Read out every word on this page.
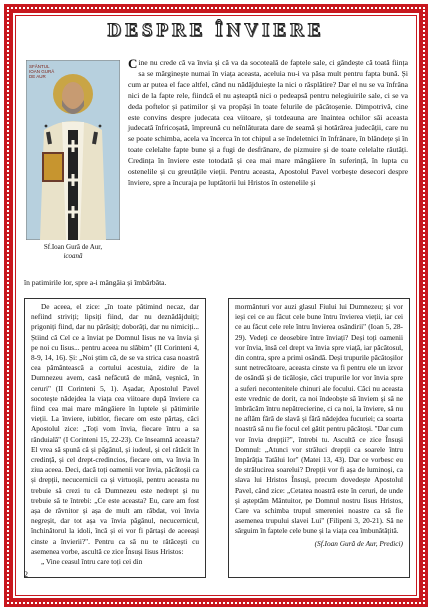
DESPRE ÎNVIERE
SFÂNTUL IOAN GURĂ DE AUR
Sf.Ioan Gură de Aur,
icoană
Cine nu crede că va învia și că va da socoteală de faptele sale, ci gândește că toată ființa sa se mărginește numai în viața aceasta, aceluia nu-i va păsa mult pentru fapta bună. Și cum ar putea el face altfel, când nu nădăjduiește la nici o răsplătire? Dar el nu se va înfrâna nici de la fapte rele, fiindcă el nu așteaptă nici o pedeapsă pentru nelegiuirile sale, ci se va deda poftelor și patimilor și va propăși în toate felurile de păcătoșenie. Dimpotrivă, cine este convins despre judecata cea viitoare, și totdeauna are înaintea ochilor săi aceasta judecată înfricoșată, împreună cu neînlăturata dare de seamă și hotărârea judecății, care nu se poate schimba, acela va încerca în tot chipul a se îndeletnici în înfrânare, în blândețe și în toate celelalte fapte bune și a fugi de desfrânare, de pizmuire și de toate celelalte răutăți. Credința în înviere este totodată și cea mai mare mângâiere în suferință, în lupta cu ostenelile și cu greutățile vieții. Pentru aceasta, Apostolul Pavel vorbește desecori despre înviere, spre a încuraja pe luptătorii lui Hristos în ostenelile și
în patimirile lor, spre a-i mângâia și îmbărbăta.

De aceea, el zice: „în toate pătimind necaz, dar nefiind striviți; lipsiți fiind, dar nu deznădăjduiți; prigoniți fiind, dar nu părăsiți; doborâți, dar nu nimiciți... Știind că Cel ce a înviat pe Domnul Iisus ne va învia și pe noi cu Iisus... pentru aceea nu slăbim" (II Corinteni 4, 8-9, 14, 16). Și: „Noi știm că, de se va strica casa noastră cea pământească a cortului acestuia, zidire de la Dumnezeu avem, casă nefăcută de mână, veșnică, în ceruri" (II Corinteni 5, 1). Așadar, Apostolul Pavel socotește nădejdea la viața cea viitoare după înviere ca fiind cea mai mare mângâiere în luptele și pătimirile vieții. La înviere, iubitlor, fiecare om este părtaș, căci Apostolul zice: „Toți vom învia, fiecare întru a sa rânduială" (I Corinteni 15, 22-23). Ce înseamnă aceasta? El vrea să spună că și păgânul, și iudeul, și cel rătăcit în credință, și cel drept-credincios, fiecare om, va învia în ziua aceea. Deci, dacă toți oamenii vor învia, păcătoșii ca și drepții, necucernicii ca și virtuoșii, pentru aceasta nu trebuie să crezi tu că Dumnezeu este nedrept și nu trebuie să te întrebi: „Ce este aceasta? Eu, care am fost așa de răvnitor și așa de mult am răbdat, voi învia negreșit, dar tot așa va învia păgânul, necucernicul, închinătorul la idoli, încă și ei vor fi părtași de aceeași cinste a învierii?". Pentru ca să nu te rătăcești cu asemenea vorbe, ascultă ce zice Însuși Iisus Hristos:

„ Vine ceasul întru care toți cei din

mormânturi vor auzi glasul Fiului lui Dumnezeu; și vor ieși cei ce au făcut cele bune întru învierea vieții, iar cei ce au făcut cele rele întru învierea osândirii" (Ioan 5, 28-29). Vedeți ce deosebire între înviați? Deși toți oamenii vor învia, însă cel drept va învia spre viață, iar păcătosul, din contra, spre a primi osândă. Deși trupurile păcătoșilor sunt netrecătoare, aceasta cinste va fi pentru ele un izvor de osândă și de ticăloșie, căci trupurile lor vor învia spre a suferi necontenitele chinuri ale focului. Căci nu aceasta este vrednic de dorit, ca noi îndeobște să înviem și să ne îmbrăcăm întru nepătrecierine, ci ca noi, la înviere, să nu ne aflăm fără de slavă și fără nădejdea fucuriei; ca soarta noastră să nu fie focul cel gătit pentru păcătoși. "Dar cum vor învia drepții?", întrebi tu. Ascultă ce zice Însuși Domnul: „Atunci vor străluci drepții ca soarele întru împărăția Tatălui lor" (Matei 13, 43). Dar ce vorbesc eu de strălucirea soarelui? Drepții vor fi așa de luminoși, ca slava lui Hristos Însuși, precum dovedește Apostolul Pavel, când zice: „Cetatea noastră este în ceruri, de unde și așteptăm Mântuitor, pe Domnul nostru Iisus Hristos, Care va schimba trupul smereniei noastre ca să fie asemenea trupului slavei Lui" (Filipeni 3, 20-21). Să ne sârguim în faptele cele bune și la viața cea îmbunătățită.

(Sf.Ioan Gură de Aur, Predici)
2
